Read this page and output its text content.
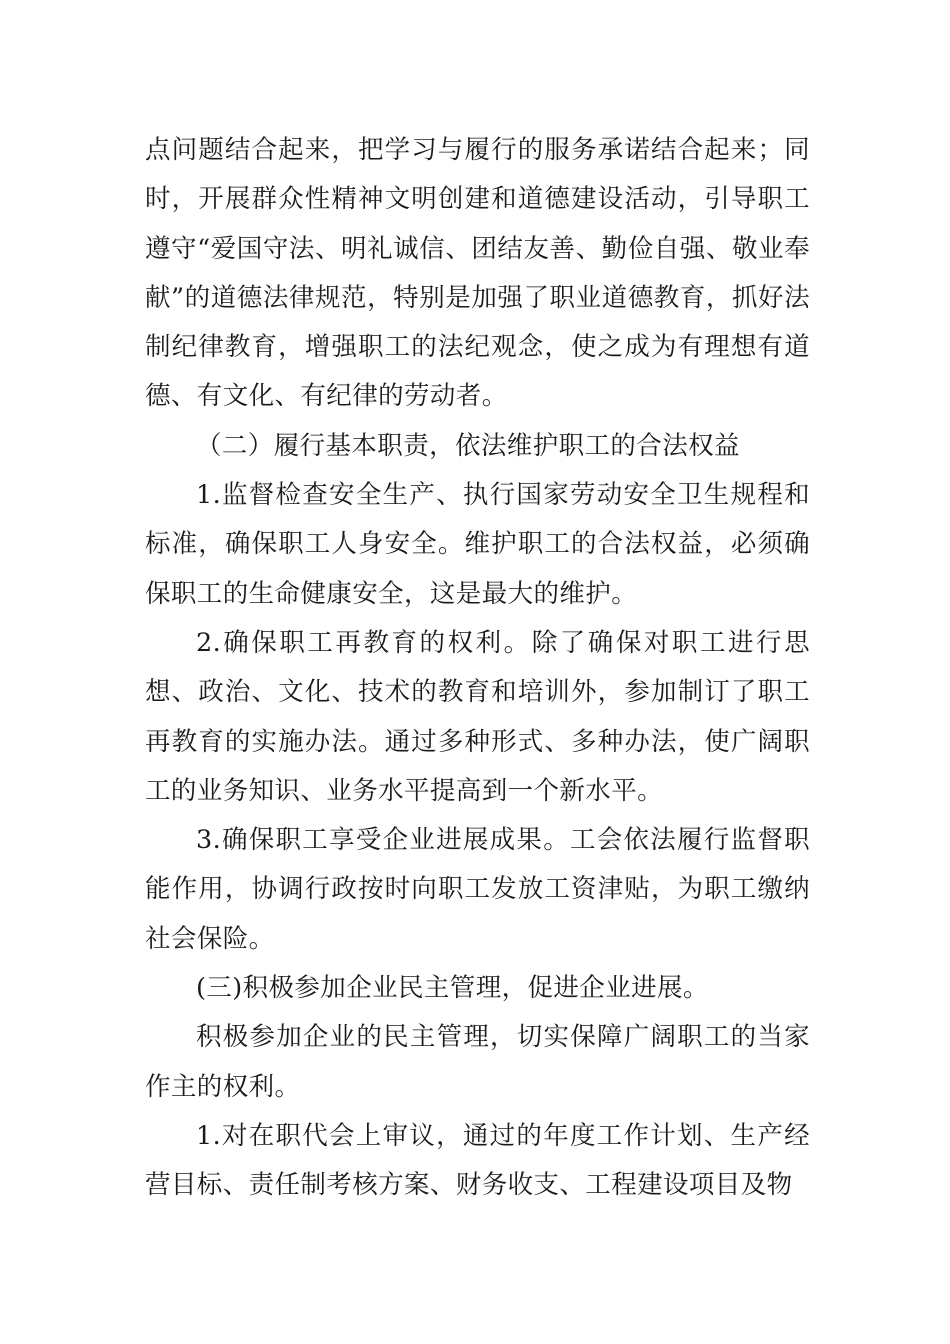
点问题结合起来，把学习与履行的服务承诺结合起来；同时，开展群众性精神文明创建和道德建设活动，引导职工遵守“爱国守法、明礼诚信、团结友善、勤俭自强、敬业奉献”的道德法律规范，特别是加强了职业道德教育，抓好法制纪律教育，增强职工的法纪观念，使之成为有理想有道德、有文化、有纪律的劳动者。

（二）履行基本职责，依法维护职工的合法权益

1.监督检查安全生产、执行国家劳动安全卫生规程和标准，确保职工人身安全。维护职工的合法权益，必须确保职工的生命健康安全，这是最大的维护。

2.确保职工再教育的权利。除了确保对职工进行思想、政治、文化、技术的教育和培训外，参加制订了职工再教育的实施办法。通过多种形式、多种办法，使广阔职工的业务知识、业务水平提高到一个新水平。

3.确保职工享受企业进展成果。工会依法履行监督职能作用，协调行政按时向职工发放工资津贴，为职工缴纳社会保险。

(三)积极参加企业民主管理，促进企业进展。

积极参加企业的民主管理，切实保障广阔职工的当家作主的权利。

1.对在职代会上审议，通过的年度工作计划、生产经营目标、责任制考核方案、财务收支、工程建设项目及物
